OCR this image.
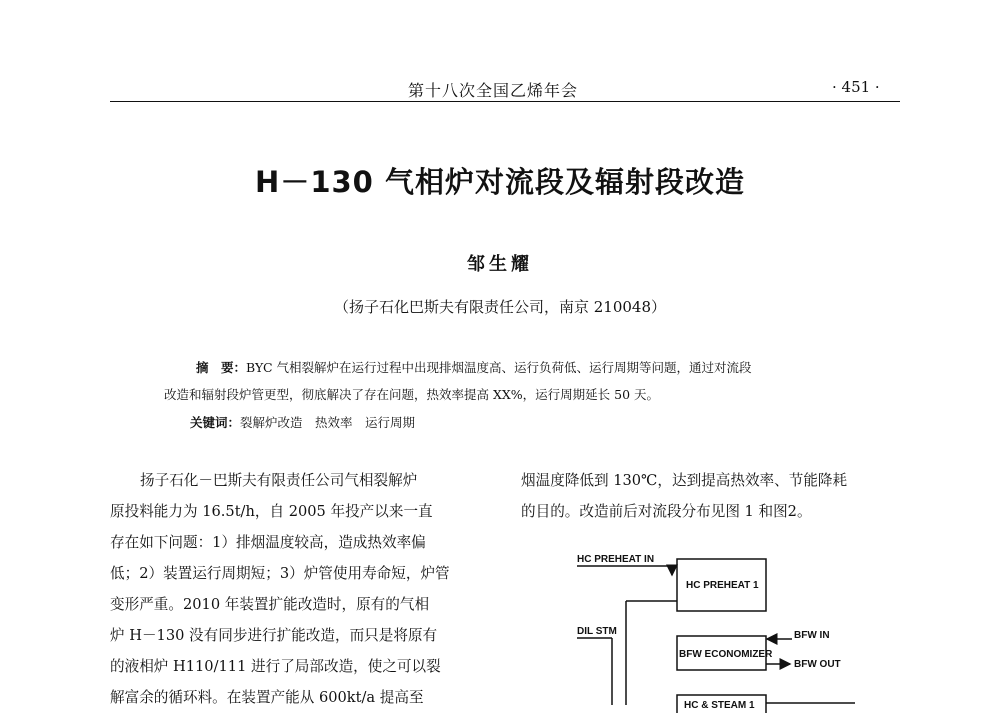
第十八次全国乙烯年会	· 451 ·
H－130 气相炉对流段及辐射段改造
邹生耀
（扬子石化巴斯夫有限责任公司，南京 210048）
摘　要：BYC 气相裂解炉在运行过程中出现排烟温度高、运行负荷低、运行周期等问题，通过对流段
改造和辐射段炉管更型，彻底解决了存在问题，热效率提高 XX%，运行周期延长 50 天。
关键词：裂解炉改造　热效率　运行周期

扬子石化－巴斯夫有限责任公司气相裂解炉

原投料能力为 16.5t/h，自 2005 年投产以来一直

存在如下问题：1）排烟温度较高，造成热效率偏

低；2）装置运行周期短；3）炉管使用寿命短，炉管

变形严重。2010 年装置扩能改造时，原有的气相

炉 H－130 没有同步进行扩能改造，而只是将原有

的液相炉 H110/111 进行了局部改造，使之可以裂

解富余的循环料。在装置产能从 600kt/a 提高至

烟温度降低到 130℃，达到提高热效率、节能降耗

的目的。改造前后对流段分布见图 1 和图2。

HC PREHEAT IN
HC PREHEAT 1
DIL STM
BFW ECONOMIZER
BFW IN
BFW OUT
HC & STEAM 1
